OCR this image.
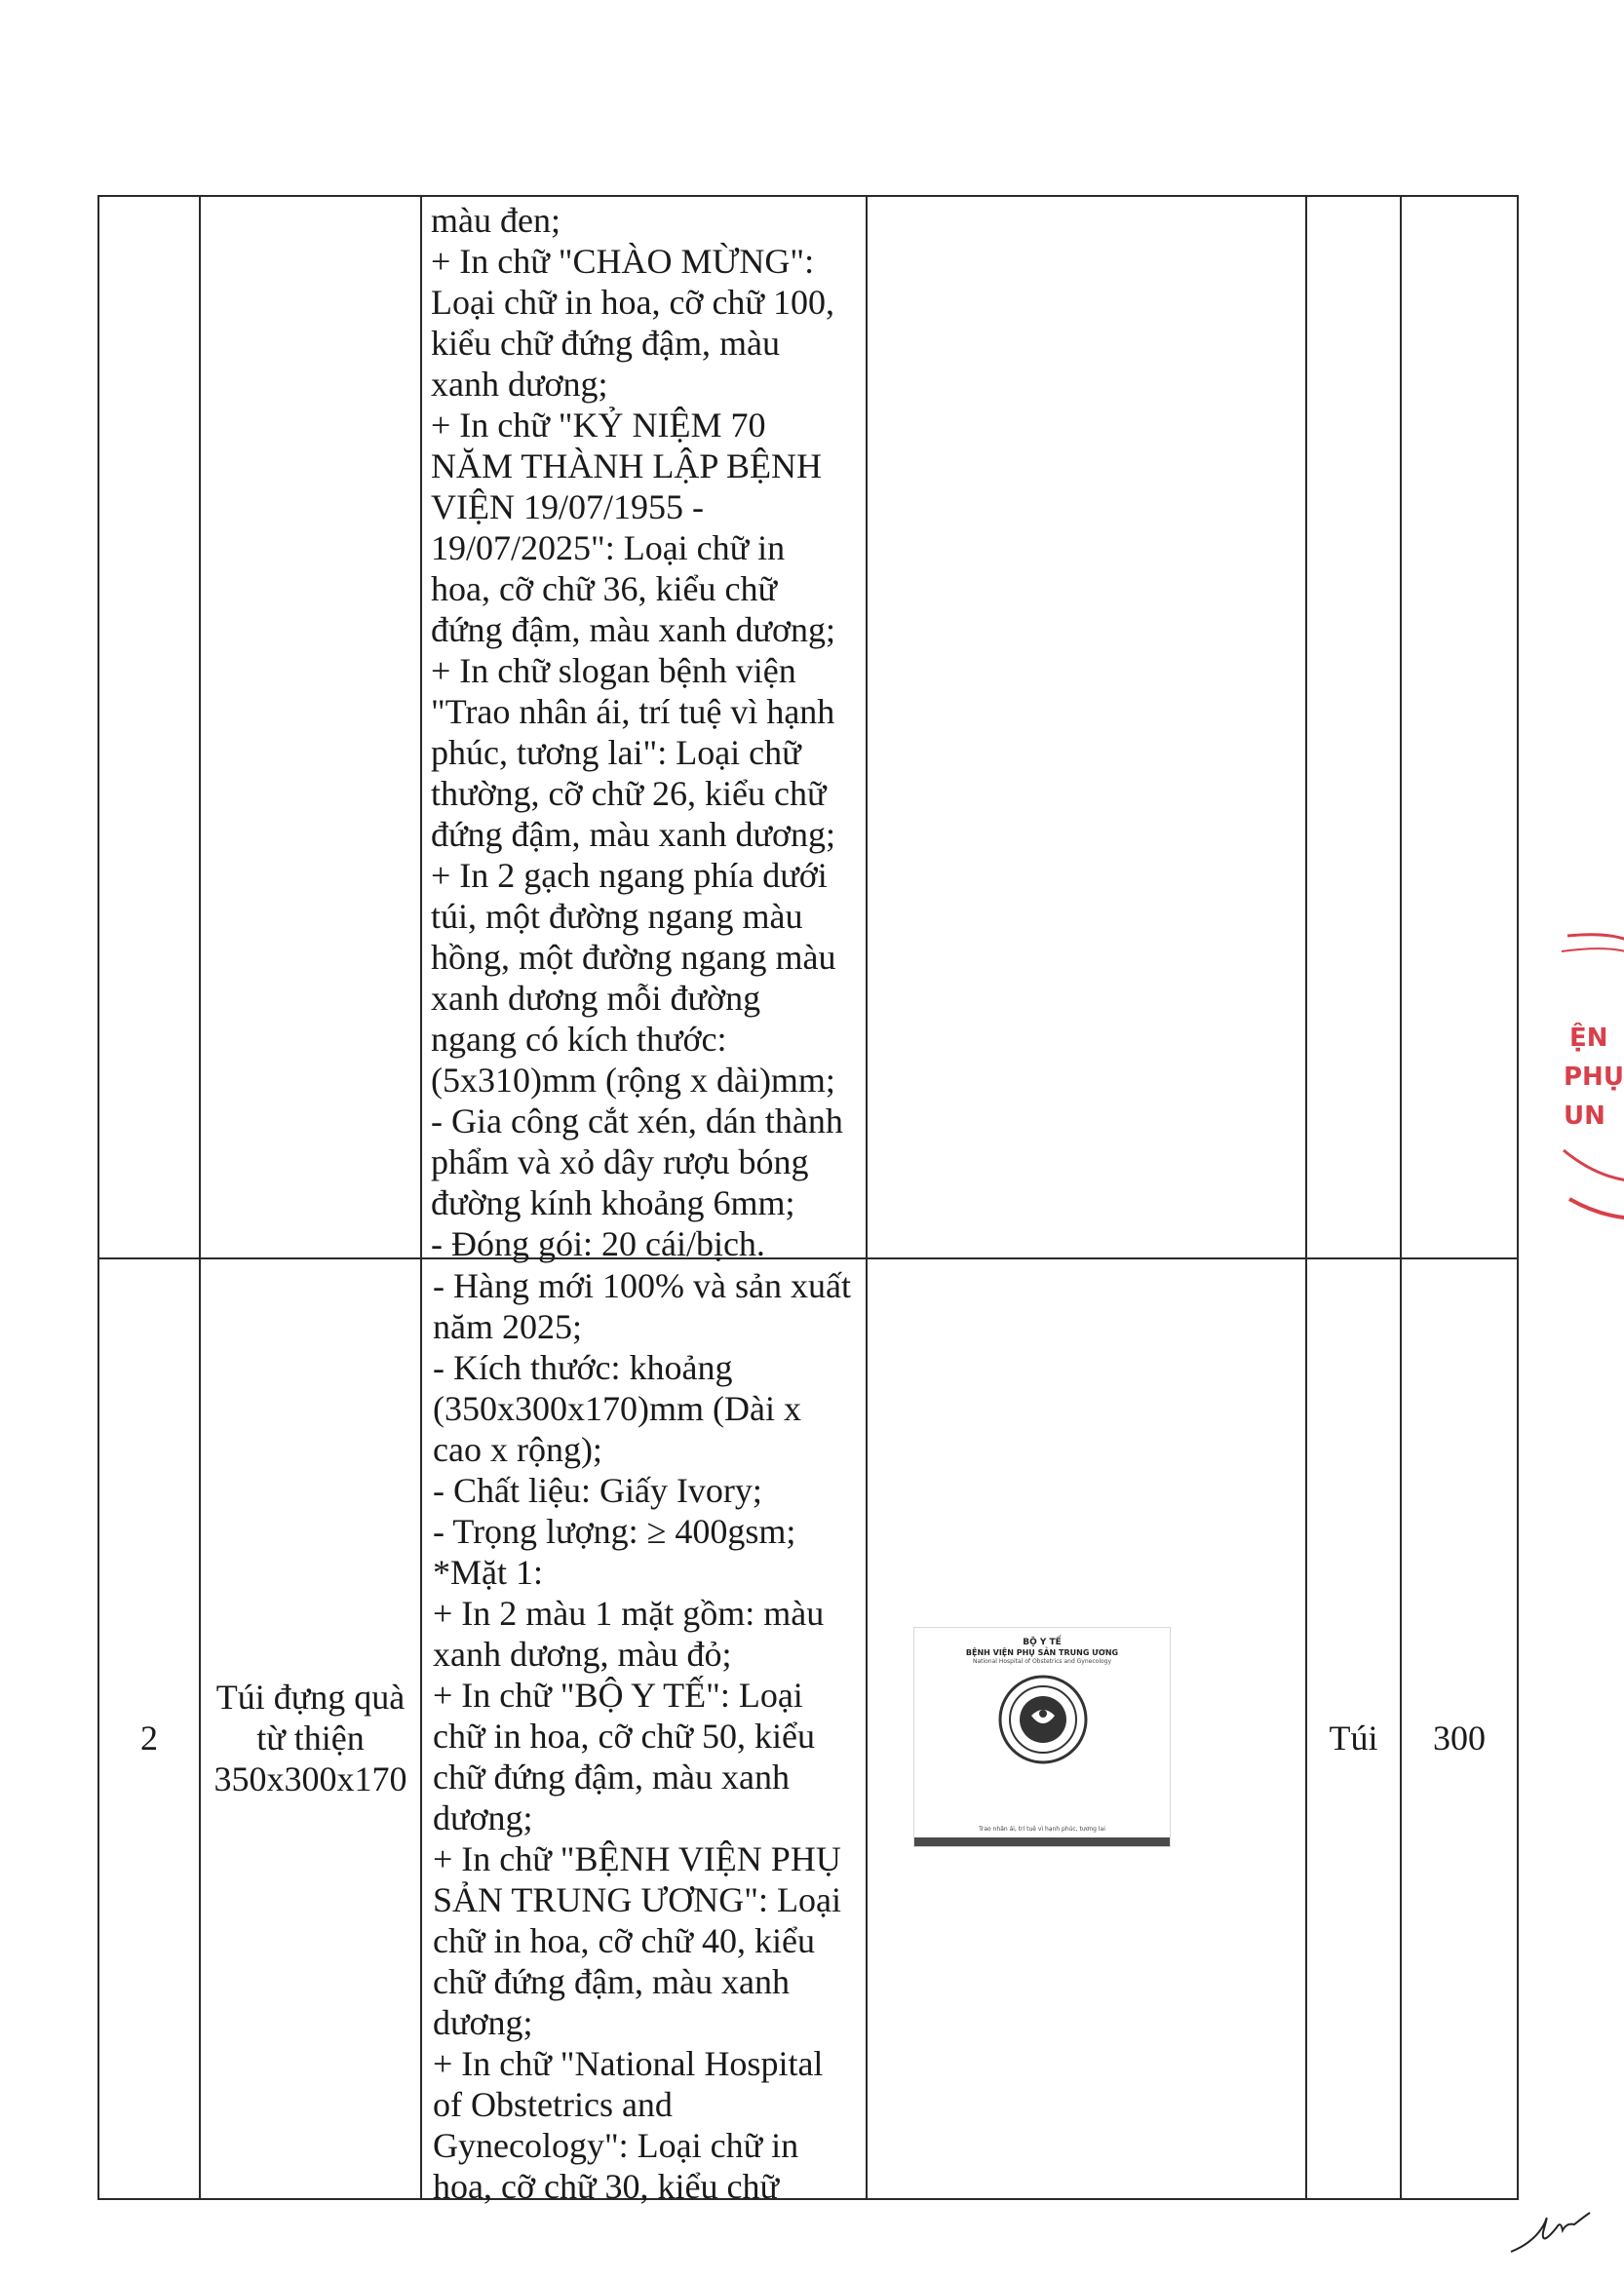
màu đen;
+ In chữ "CHÀO MỪNG":
Loại chữ in hoa, cỡ chữ 100,
kiểu chữ đứng đậm, màu
xanh dương;
+ In chữ "KỶ NIỆM 70
NĂM THÀNH LẬP BỆNH
VIỆN 19/07/1955 -
19/07/2025": Loại chữ in
hoa, cỡ chữ 36, kiểu chữ
đứng đậm, màu xanh dương;
+ In chữ slogan bệnh viện
"Trao nhân ái, trí tuệ vì hạnh
phúc, tương lai": Loại chữ
thường, cỡ chữ 26, kiểu chữ
đứng đậm, màu xanh dương;
+ In 2 gạch ngang phía dưới
túi, một đường ngang màu
hồng, một đường ngang màu
xanh dương mỗi đường
ngang có kích thước:
(5x310)mm (rộng x dài)mm;
- Gia công cắt xén, dán thành
phẩm và xỏ dây rượu bóng
đường kính khoảng 6mm;
- Đóng gói: 20 cái/bịch.
2
Túi đựng quà
từ thiện
350x300x170
- Hàng mới 100% và sản xuất
năm 2025;
- Kích thước: khoảng
(350x300x170)mm (Dài x
cao x rộng);
- Chất liệu: Giấy Ivory;
- Trọng lượng: ≥ 400gsm;
*Mặt 1:
+ In 2 màu 1 mặt gồm: màu
xanh dương, màu đỏ;
+ In chữ "BỘ Y TẾ": Loại
chữ in hoa, cỡ chữ 50, kiểu
chữ đứng đậm, màu xanh
dương;
+ In chữ "BỆNH VIỆN PHỤ
SẢN TRUNG ƯƠNG": Loại
chữ in hoa, cỡ chữ 40, kiểu
chữ đứng đậm, màu xanh
dương;
+ In chữ "National Hospital
of Obstetrics and
Gynecology": Loại chữ in
hoa, cỡ chữ 30, kiểu chữ
BỘ Y TẾ
BỆNH VIỆN PHỤ SẢN TRUNG ƯƠNG
National Hospital of Obstetrics and Gynecology
Trao nhân ái, trí tuệ vì hạnh phúc, tương lai
Túi	300
ỆN
PHỤ
UN
